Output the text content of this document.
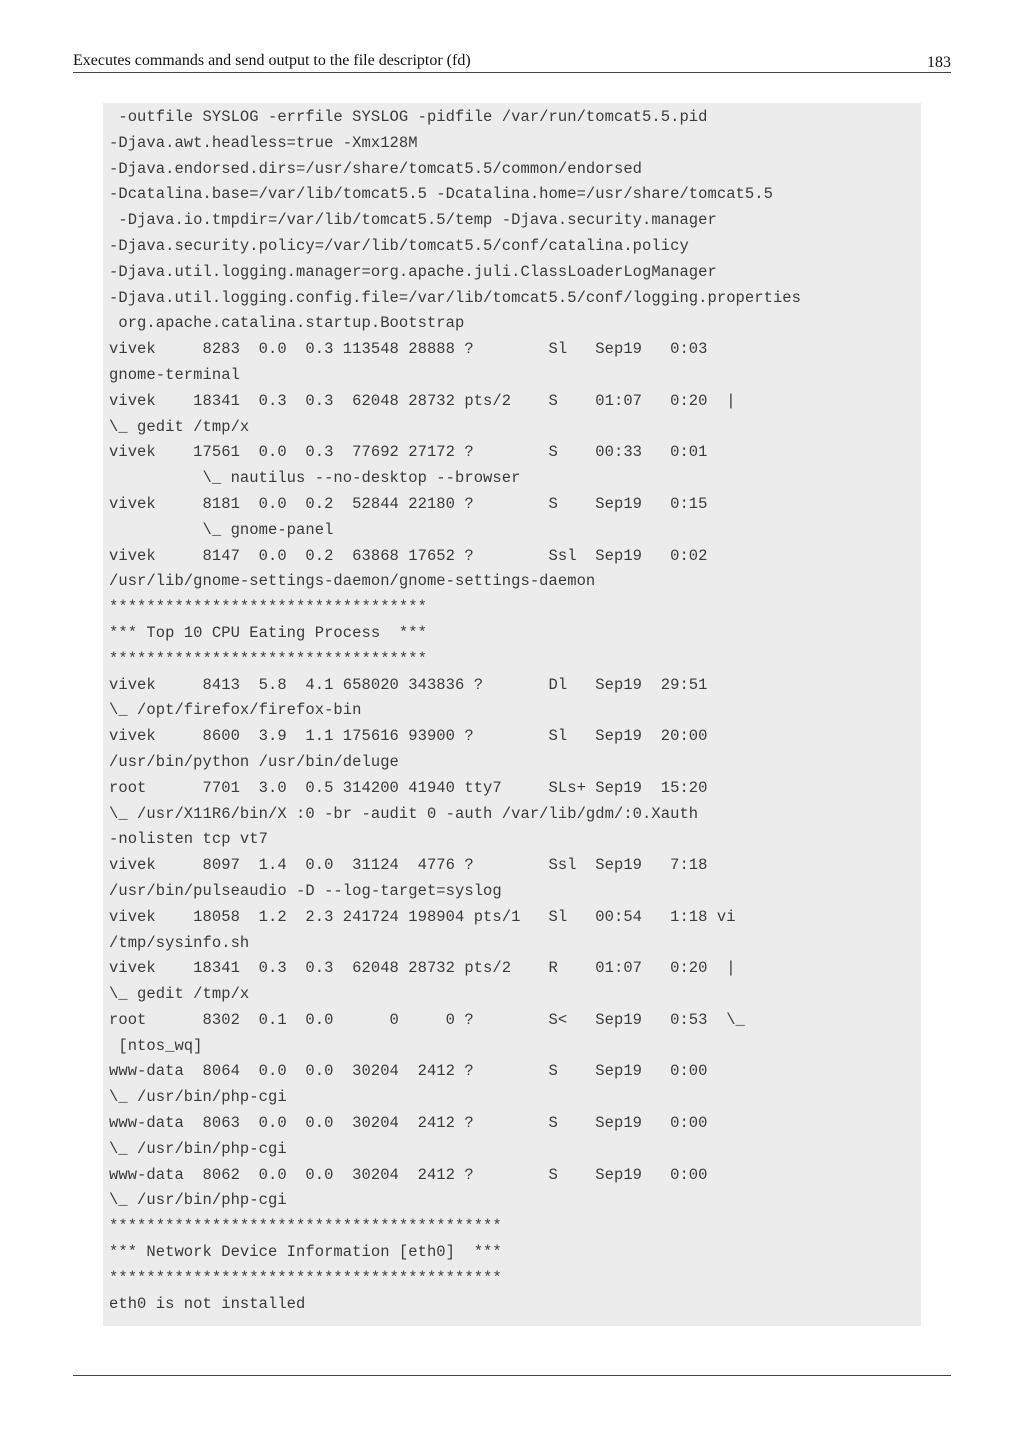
Executes commands and send output to the file descriptor (fd)	183
-outfile SYSLOG -errfile SYSLOG -pidfile /var/run/tomcat5.5.pid
-Djava.awt.headless=true -Xmx128M
-Djava.endorsed.dirs=/usr/share/tomcat5.5/common/endorsed
-Dcatalina.base=/var/lib/tomcat5.5 -Dcatalina.home=/usr/share/tomcat5.5
-Djava.io.tmpdir=/var/lib/tomcat5.5/temp -Djava.security.manager
-Djava.security.policy=/var/lib/tomcat5.5/conf/catalina.policy
-Djava.util.logging.manager=org.apache.juli.ClassLoaderLogManager
-Djava.util.logging.config.file=/var/lib/tomcat5.5/conf/logging.properties
org.apache.catalina.startup.Bootstrap
vivek     8283  0.0  0.3 113548 28888 ?        Sl   Sep19   0:03
gnome-terminal
vivek    18341  0.3  0.3  62048 28732 pts/2    S    01:07   0:20  |
\_ gedit /tmp/x
vivek    17561  0.0  0.3  77692 27172 ?        S    00:33   0:01
\_ nautilus --no-desktop --browser
vivek     8181  0.0  0.2  52844 22180 ?        S    Sep19   0:15
\_ gnome-panel
vivek     8147  0.0  0.2  63868 17652 ?        Ssl  Sep19   0:02
/usr/lib/gnome-settings-daemon/gnome-settings-daemon
**********************************
*** Top 10 CPU Eating Process  ***
**********************************
vivek     8413  5.8  4.1 658020 343836 ?       Dl   Sep19  29:51
\_ /opt/firefox/firefox-bin
vivek     8600  3.9  1.1 175616 93900 ?        Sl   Sep19  20:00
/usr/bin/python /usr/bin/deluge
root      7701  3.0  0.5 314200 41940 tty7     SLs+ Sep19  15:20
\_ /usr/X11R6/bin/X :0 -br -audit 0 -auth /var/lib/gdm/:0.Xauth
-nolisten tcp vt7
vivek     8097  1.4  0.0  31124  4776 ?        Ssl  Sep19   7:18
/usr/bin/pulseaudio -D --log-target=syslog
vivek    18058  1.2  2.3 241724 198904 pts/1   Sl   00:54   1:18 vi
/tmp/sysinfo.sh
vivek    18341  0.3  0.3  62048 28732 pts/2    R    01:07   0:20  |
\_ gedit /tmp/x
root      8302  0.1  0.0      0     0 ?        S<   Sep19   0:53  \_
[ntos_wq]
www-data  8064  0.0  0.0  30204  2412 ?        S    Sep19   0:00
\_ /usr/bin/php-cgi
www-data  8063  0.0  0.0  30204  2412 ?        S    Sep19   0:00
\_ /usr/bin/php-cgi
www-data  8062  0.0  0.0  30204  2412 ?        S    Sep19   0:00
\_ /usr/bin/php-cgi
******************************************
*** Network Device Information [eth0]  ***
******************************************
eth0 is not installed
